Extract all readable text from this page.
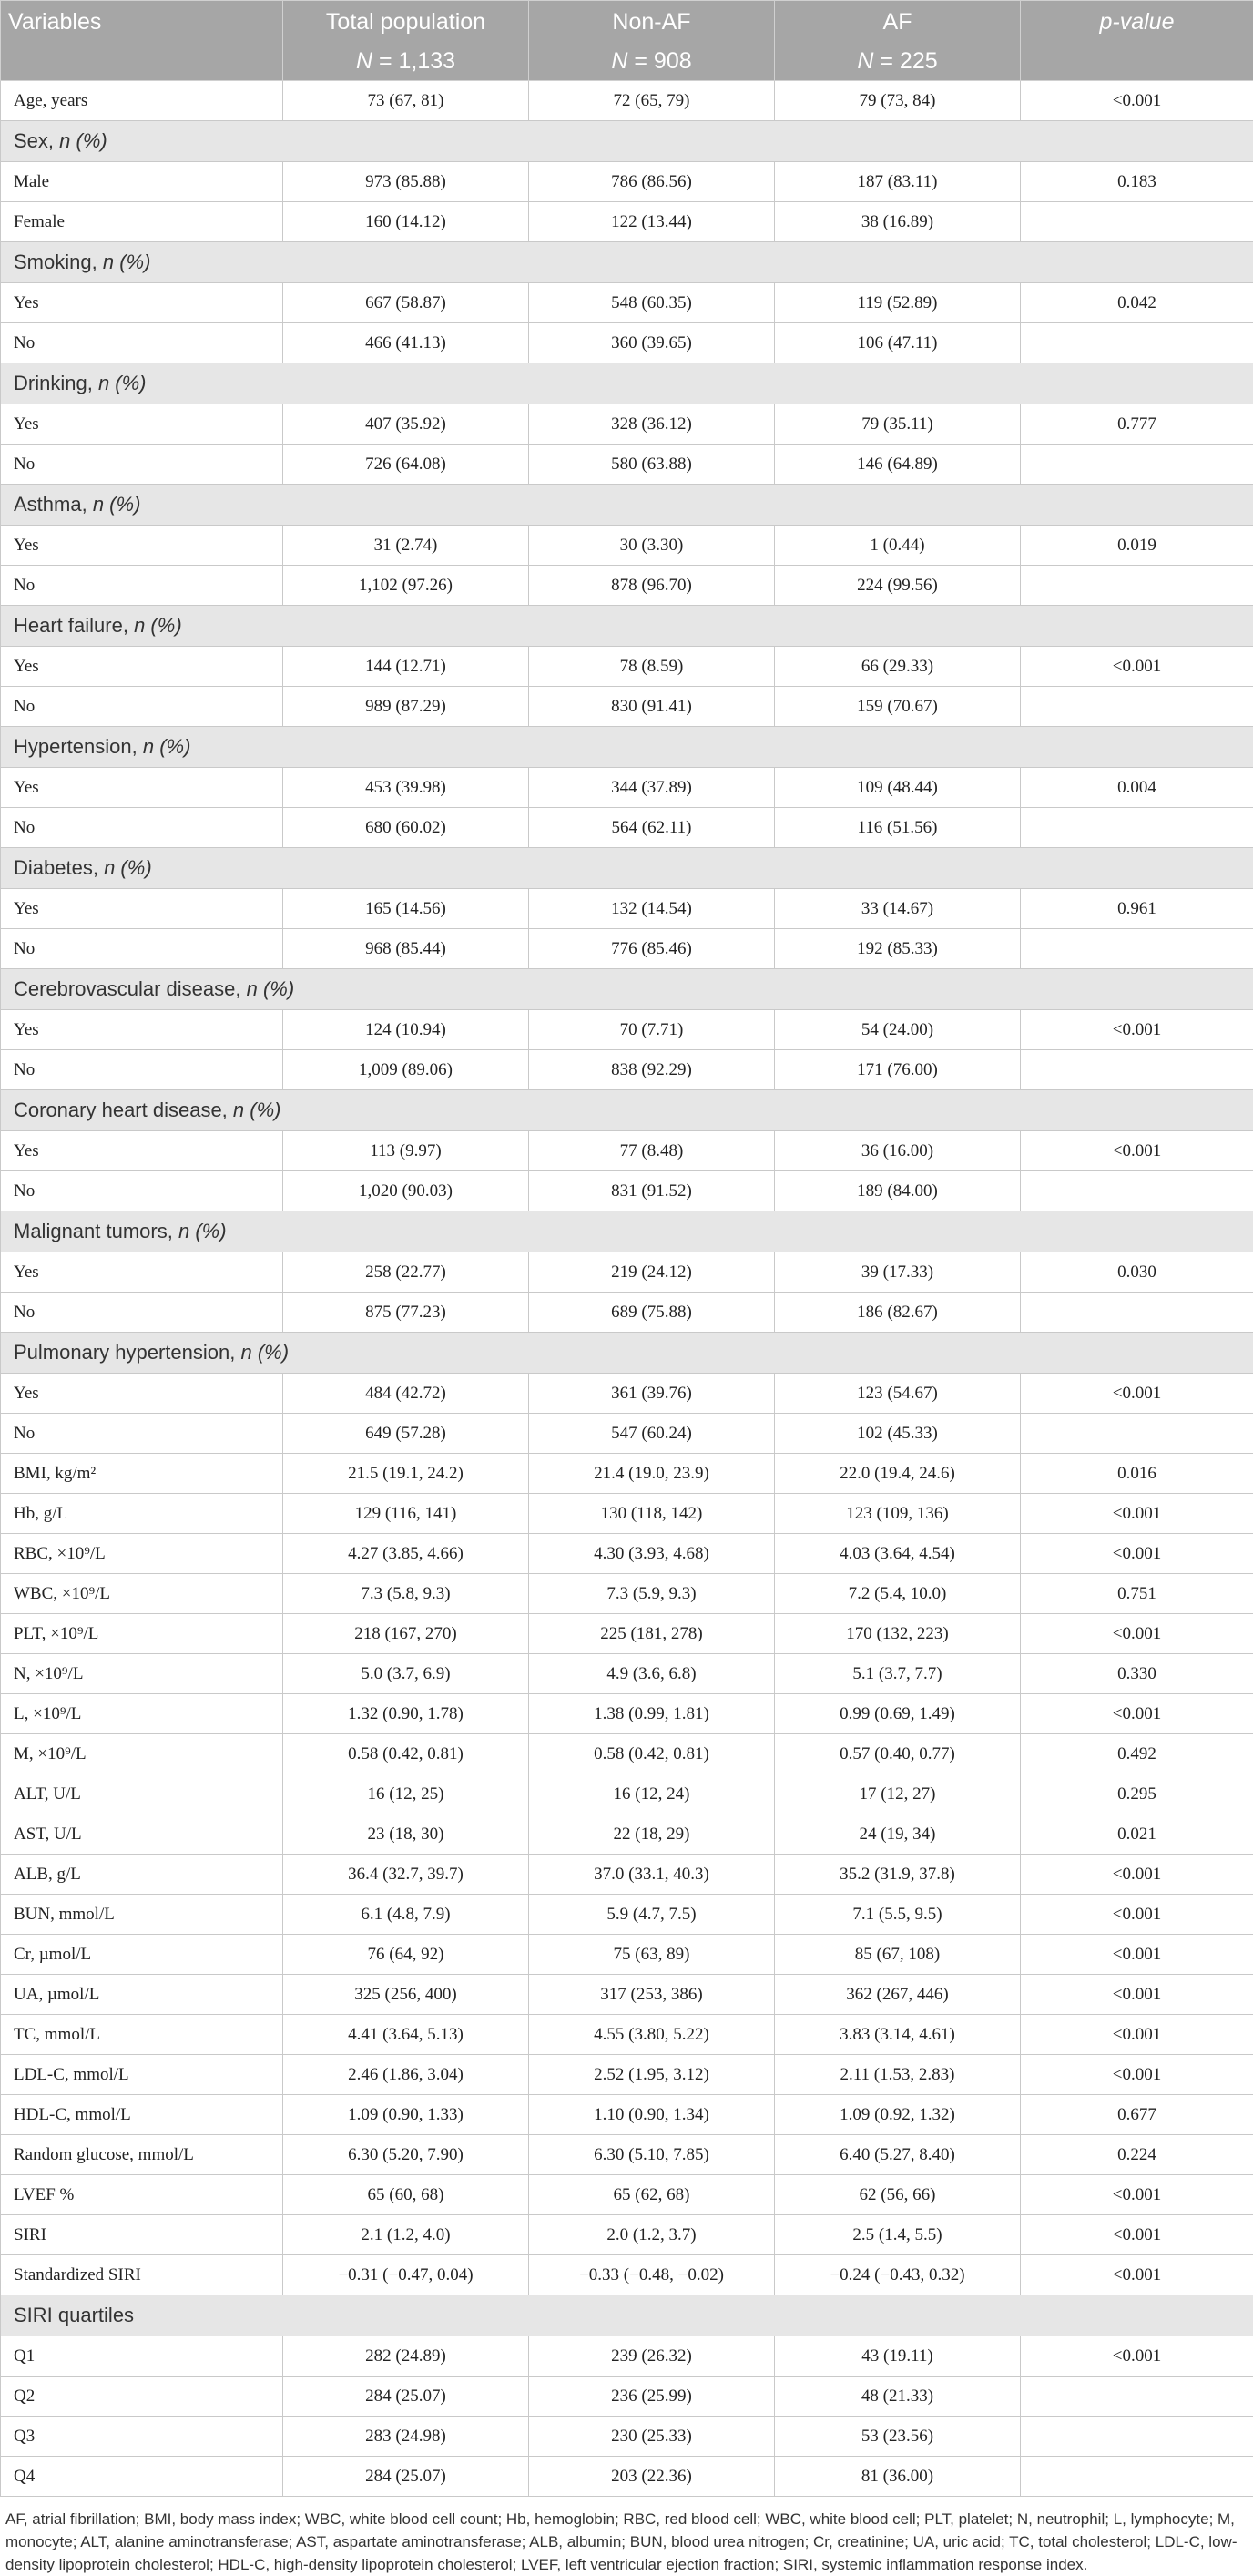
Variables	Total population	Non-AF	AF	p-value
	N = 1,133	N = 908	N = 225	
Age, years	73 (67, 81)	72 (65, 79)	79 (73, 84)	<0.001
Sex, n (%)				
Male	973 (85.88)	786 (86.56)	187 (83.11)	0.183
Female	160 (14.12)	122 (13.44)	38 (16.89)	
Smoking, n (%)				
Yes	667 (58.87)	548 (60.35)	119 (52.89)	0.042
No	466 (41.13)	360 (39.65)	106 (47.11)	
Drinking, n (%)				
Yes	407 (35.92)	328 (36.12)	79 (35.11)	0.777
No	726 (64.08)	580 (63.88)	146 (64.89)	
Asthma, n (%)				
Yes	31 (2.74)	30 (3.30)	1 (0.44)	0.019
No	1,102 (97.26)	878 (96.70)	224 (99.56)	
Heart failure, n (%)				
Yes	144 (12.71)	78 (8.59)	66 (29.33)	<0.001
No	989 (87.29)	830 (91.41)	159 (70.67)	
Hypertension, n (%)				
Yes	453 (39.98)	344 (37.89)	109 (48.44)	0.004
No	680 (60.02)	564 (62.11)	116 (51.56)	
Diabetes, n (%)				
Yes	165 (14.56)	132 (14.54)	33 (14.67)	0.961
No	968 (85.44)	776 (85.46)	192 (85.33)	
Cerebrovascular disease, n (%)				
Yes	124 (10.94)	70 (7.71)	54 (24.00)	<0.001
No	1,009 (89.06)	838 (92.29)	171 (76.00)	
Coronary heart disease, n (%)				
Yes	113 (9.97)	77 (8.48)	36 (16.00)	<0.001
No	1,020 (90.03)	831 (91.52)	189 (84.00)	
Malignant tumors, n (%)				
Yes	258 (22.77)	219 (24.12)	39 (17.33)	0.030
No	875 (77.23)	689 (75.88)	186 (82.67)	
Pulmonary hypertension, n (%)				
Yes	484 (42.72)	361 (39.76)	123 (54.67)	<0.001
No	649 (57.28)	547 (60.24)	102 (45.33)	
BMI, kg/m²	21.5 (19.1, 24.2)	21.4 (19.0, 23.9)	22.0 (19.4, 24.6)	0.016
Hb, g/L	129 (116, 141)	130 (118, 142)	123 (109, 136)	<0.001
RBC, ×10⁹/L	4.27 (3.85, 4.66)	4.30 (3.93, 4.68)	4.03 (3.64, 4.54)	<0.001
WBC, ×10⁹/L	7.3 (5.8, 9.3)	7.3 (5.9, 9.3)	7.2 (5.4, 10.0)	0.751
PLT, ×10⁹/L	218 (167, 270)	225 (181, 278)	170 (132, 223)	<0.001
N, ×10⁹/L	5.0 (3.7, 6.9)	4.9 (3.6, 6.8)	5.1 (3.7, 7.7)	0.330
L, ×10⁹/L	1.32 (0.90, 1.78)	1.38 (0.99, 1.81)	0.99 (0.69, 1.49)	<0.001
M, ×10⁹/L	0.58 (0.42, 0.81)	0.58 (0.42, 0.81)	0.57 (0.40, 0.77)	0.492
ALT, U/L	16 (12, 25)	16 (12, 24)	17 (12, 27)	0.295
AST, U/L	23 (18, 30)	22 (18, 29)	24 (19, 34)	0.021
ALB, g/L	36.4 (32.7, 39.7)	37.0 (33.1, 40.3)	35.2 (31.9, 37.8)	<0.001
BUN, mmol/L	6.1 (4.8, 7.9)	5.9 (4.7, 7.5)	7.1 (5.5, 9.5)	<0.001
Cr, µmol/L	76 (64, 92)	75 (63, 89)	85 (67, 108)	<0.001
UA, µmol/L	325 (256, 400)	317 (253, 386)	362 (267, 446)	<0.001
TC, mmol/L	4.41 (3.64, 5.13)	4.55 (3.80, 5.22)	3.83 (3.14, 4.61)	<0.001
LDL-C, mmol/L	2.46 (1.86, 3.04)	2.52 (1.95, 3.12)	2.11 (1.53, 2.83)	<0.001
HDL-C, mmol/L	1.09 (0.90, 1.33)	1.10 (0.90, 1.34)	1.09 (0.92, 1.32)	0.677
Random glucose, mmol/L	6.30 (5.20, 7.90)	6.30 (5.10, 7.85)	6.40 (5.27, 8.40)	0.224
LVEF %	65 (60, 68)	65 (62, 68)	62 (56, 66)	<0.001
SIRI	2.1 (1.2, 4.0)	2.0 (1.2, 3.7)	2.5 (1.4, 5.5)	<0.001
Standardized SIRI	−0.31 (−0.47, 0.04)	−0.33 (−0.48, −0.02)	−0.24 (−0.43, 0.32)	<0.001
SIRI quartiles				
Q1	282 (24.89)	239 (26.32)	43 (19.11)	<0.001
Q2	284 (25.07)	236 (25.99)	48 (21.33)	
Q3	283 (24.98)	230 (25.33)	53 (23.56)	
Q4	284 (25.07)	203 (22.36)	81 (36.00)	
AF, atrial fibrillation; BMI, body mass index; WBC, white blood cell count; Hb, hemoglobin; RBC, red blood cell; WBC, white blood cell; PLT, platelet; N, neutrophil; L, lymphocyte; M, monocyte; ALT, alanine aminotransferase; AST, aspartate aminotransferase; ALB, albumin; BUN, blood urea nitrogen; Cr, creatinine; UA, uric acid; TC, total cholesterol; LDL-C, low-density lipoprotein cholesterol; HDL-C, high-density lipoprotein cholesterol; LVEF, left ventricular ejection fraction; SIRI, systemic inflammation response index.
